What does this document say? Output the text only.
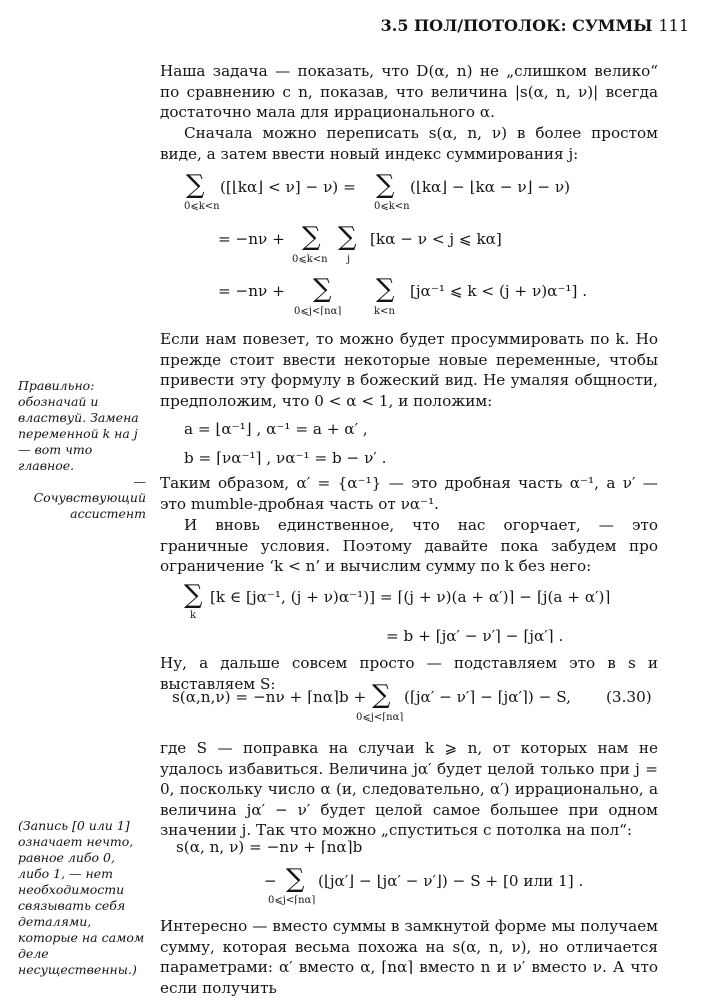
3.5 ПОЛ/ПОТОЛОК: СУММЫ 111

Наша задача — показать, что D(α, n) не „слишком велико“ по сравнению с n, показав, что величина |s(α, n, ν)| всегда достаточно мала для иррационального α.

Сначала можно переписать s(α, n, ν) в более простом виде, а затем ввести новый индекс суммирования j:

∑
0⩽k<n
([⌊kα⌋ < ν] − ν) = ∑
0⩽k<n
(⌊kα⌋ − ⌊kα − ν⌋ − ν)
= −nν + ∑ ∑
0⩽k<n j
[kα − ν < j ⩽ kα]
= −nν + ∑ ∑
0⩽j<⌈nα⌉	k<n
[jα⁻¹ ⩽ k < (j + ν)α⁻¹] .

Если нам повезет, то можно будет просуммировать по k. Но прежде стоит ввести некоторые новые переменные, чтобы привести эту формулу в божеский вид. Не умаляя общности, предположим, что 0 < α < 1, и положим:

Правильно: обозначай и властвуй. Замена переменной k на j — вот что главное.
— Сочувствующий ассистент
a = ⌊α⁻¹⌋ , α⁻¹ = a + α′ ,
b = ⌈να⁻¹⌉ , να⁻¹ = b − ν′ .

Таким образом, α′ = {α⁻¹} — это дробная часть α⁻¹, а ν′ — это mumble-дробная часть от να⁻¹.

И вновь единственное, что нас огорчает, — это граничные условия. Поэтому давайте пока забудем про ограничение ‘k < n’ и вычислим сумму по k без него:

∑
k
[k ∈ [jα⁻¹, (j + ν)α⁻¹)] = ⌈(j + ν)(a + α′)⌉ − ⌈j(a + α′)⌉
= b + ⌈jα′ − ν′⌉ − ⌈jα′⌉ .

Ну, а дальше совсем просто — подставляем это в s и выставляем S:

s(α,n,ν) = −nν + ⌈nα⌉b + ∑
0⩽j<⌈nα⌉
(⌈jα′ − ν′⌉ − ⌈jα′⌉) − S, (3.30)

где S — поправка на случаи k ⩾ n, от которых нам не удалось избавиться. Величина jα′ будет целой только при j = 0, поскольку число α (и, следовательно, α′) иррационально, а величина jα′ − ν′ будет целой самое большее при одном значении j. Так что можно „спуститься с потолка на пол“:

(Запись [0 или 1] означает нечто, равное либо 0, либо 1, — нет необходимости связывать себя деталями, которые на самом деле несущественны.)
s(α, n, ν) = −nν + ⌈nα⌉b
− ∑
0⩽j<⌈nα⌉
(⌊jα′⌋ − ⌊jα′ − ν′⌋) − S + [0 или 1] .

Интересно — вместо суммы в замкнутой форме мы получаем сумму, которая весьма похожа на s(α, n, ν), но отличается параметрами: α′ вместо α, ⌈nα⌉ вместо n и ν′ вместо ν. А что если получить
